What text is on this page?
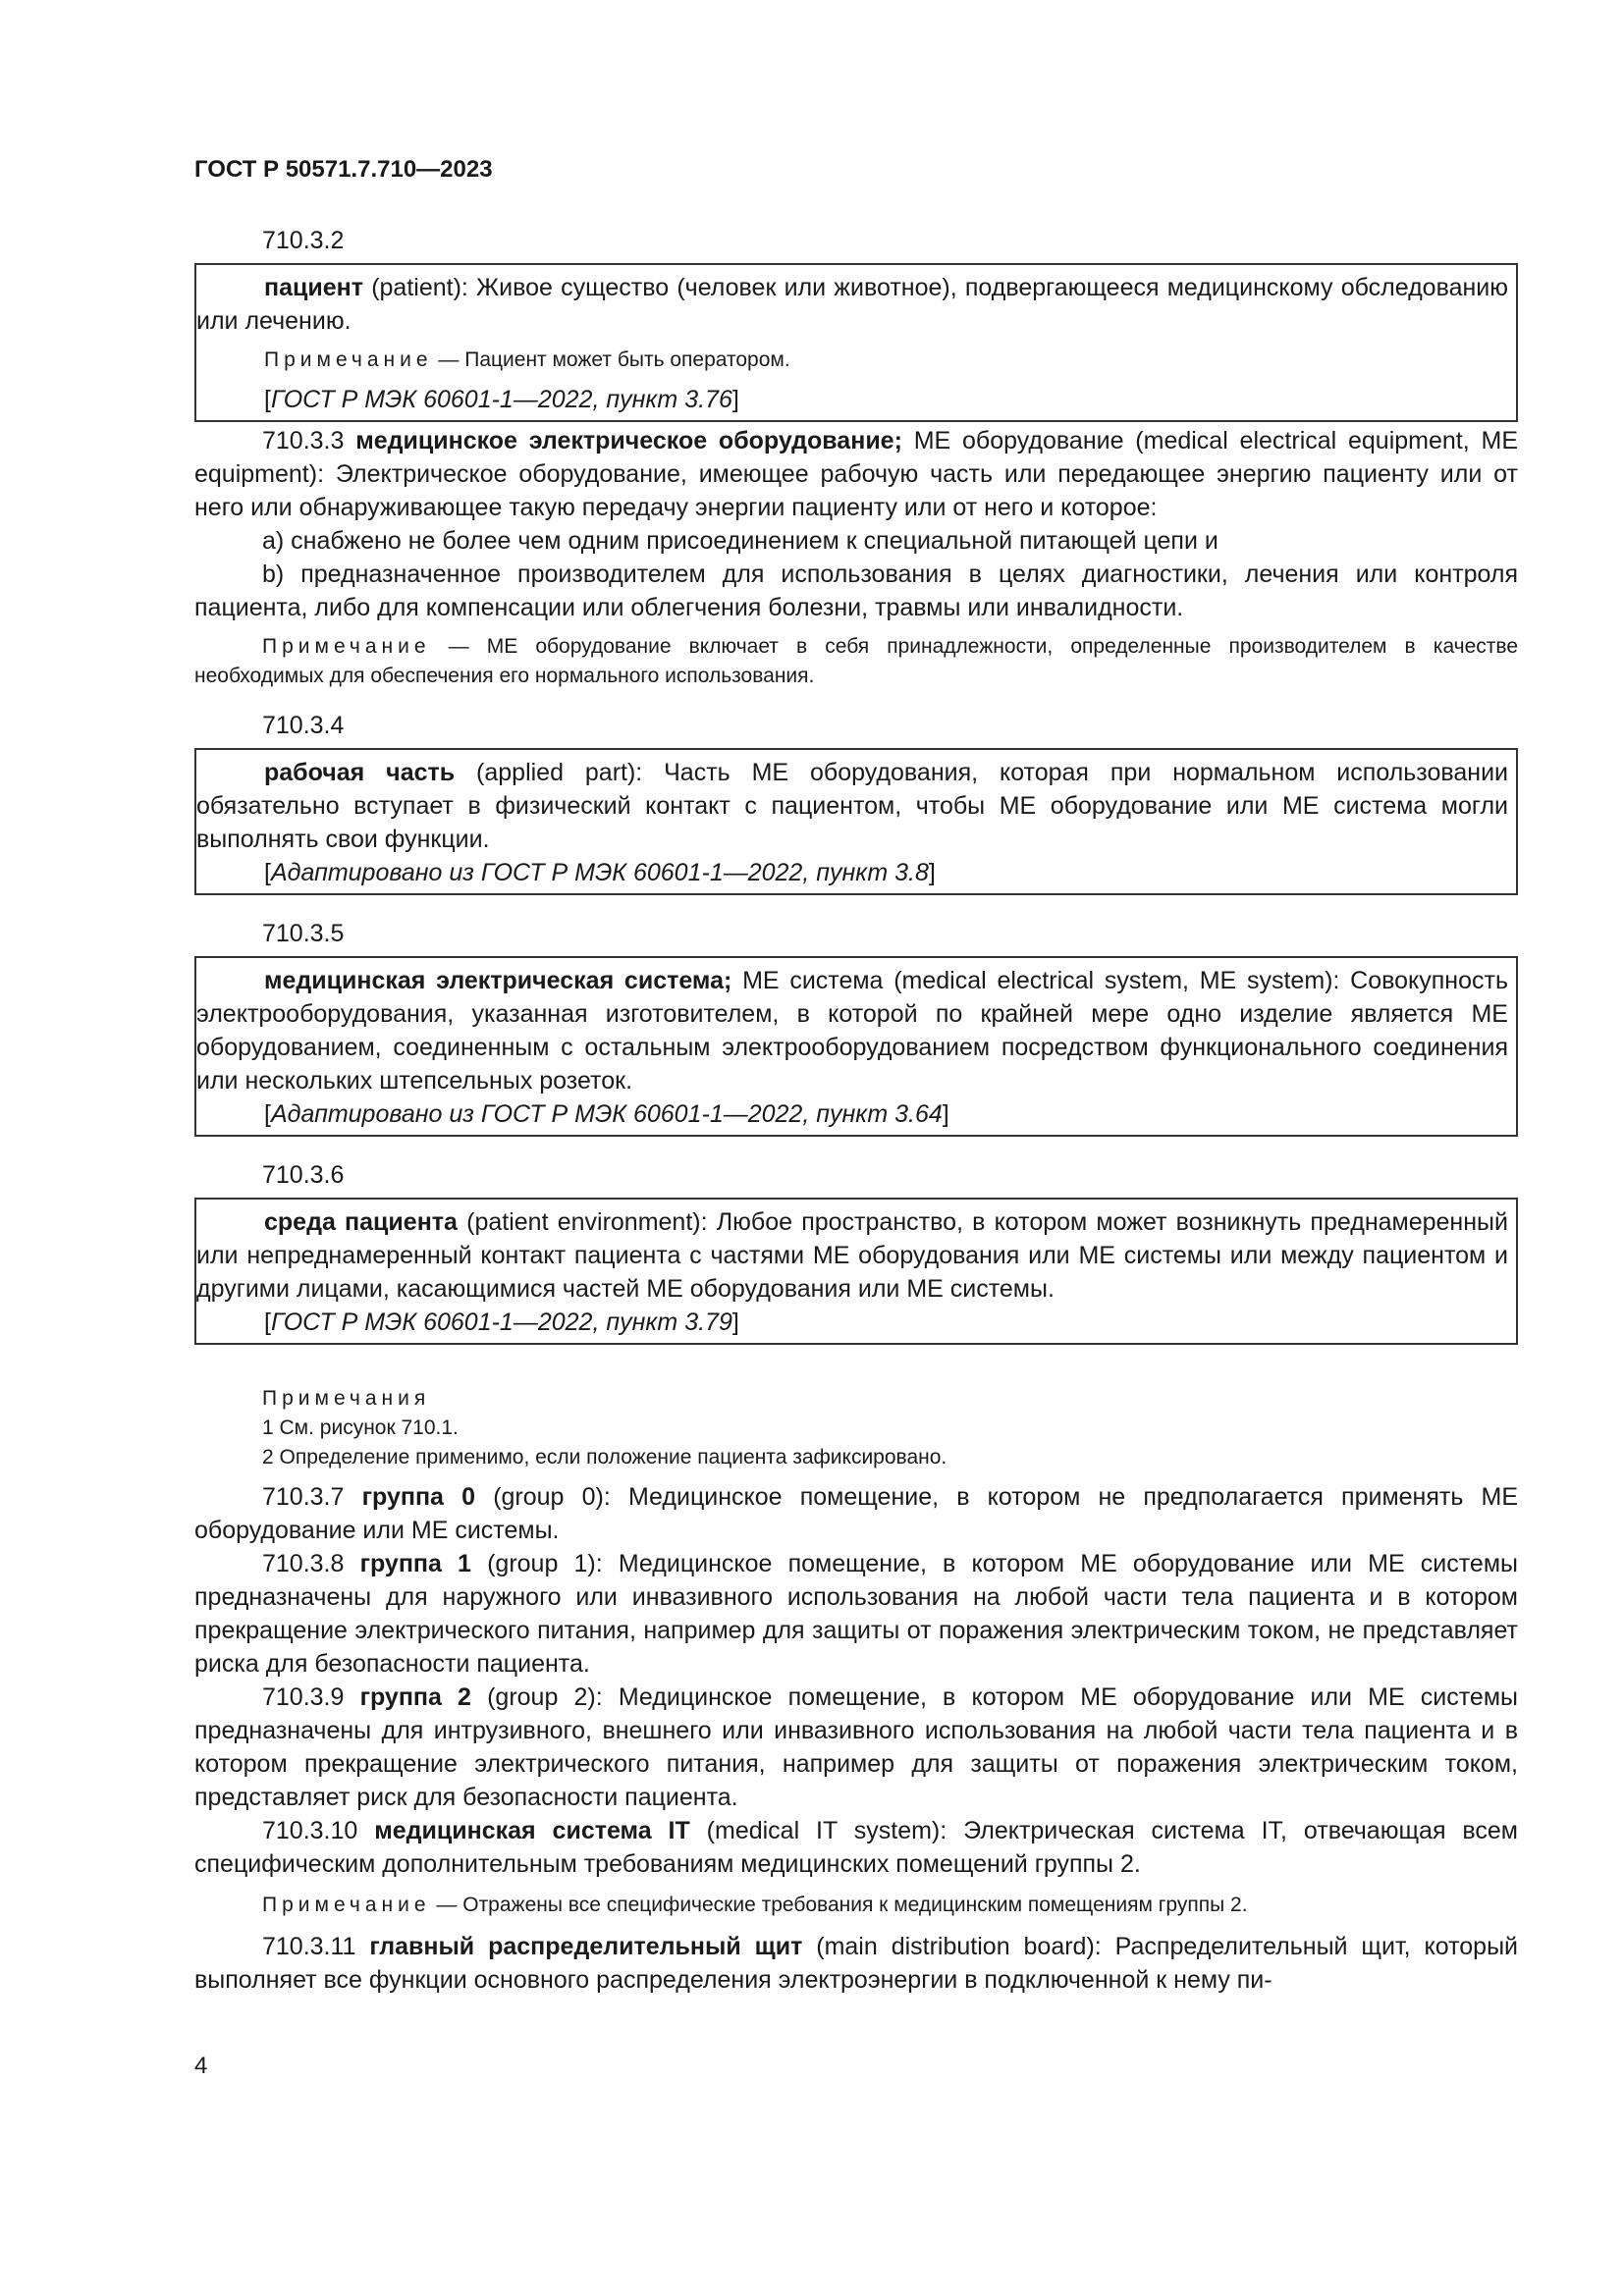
ГОСТ Р 50571.7.710—2023

710.3.2

пациент (patient): Живое существо (человек или животное), подвергающееся медицинскому обследованию или лечению.

Примечание — Пациент может быть оператором.

[ГОСТ Р МЭК 60601-1—2022, пункт 3.76]

710.3.3 медицинское электрическое оборудование; МЕ оборудование (medical electrical equipment, ME equipment): Электрическое оборудование, имеющее рабочую часть или передающее энергию пациенту или от него или обнаруживающее такую передачу энергии пациенту или от него и которое:

а) снабжено не более чем одним присоединением к специальной питающей цепи и

b) предназначенное производителем для использования в целях диагностики, лечения или контроля пациента, либо для компенсации или облегчения болезни, травмы или инвалидности.

Примечание — МЕ оборудование включает в себя принадлежности, определенные производителем в качестве необходимых для обеспечения его нормального использования.

710.3.4

рабочая часть (applied part): Часть МЕ оборудования, которая при нормальном использовании обязательно вступает в физический контакт с пациентом, чтобы МЕ оборудование или МЕ система могли выполнять свои функции.

[Адаптировано из ГОСТ Р МЭК 60601-1—2022, пункт 3.8]

710.3.5

медицинская электрическая система; МЕ система (medical electrical system, ME system): Совокупность электрооборудования, указанная изготовителем, в которой по крайней мере одно изделие является МЕ оборудованием, соединенным с остальным электрооборудованием посредством функционального соединения или нескольких штепсельных розеток.

[Адаптировано из ГОСТ Р МЭК 60601-1—2022, пункт 3.64]

710.3.6

среда пациента (patient environment): Любое пространство, в котором может возникнуть преднамеренный или непреднамеренный контакт пациента с частями МЕ оборудования или МЕ системы или между пациентом и другими лицами, касающимися частей МЕ оборудования или МЕ системы.

[ГОСТ Р МЭК 60601-1—2022, пункт 3.79]

Примечания
1 См. рисунок 710.1.
2 Определение применимо, если положение пациента зафиксировано.

710.3.7 группа 0 (group 0): Медицинское помещение, в котором не предполагается применять МЕ оборудование или МЕ системы.

710.3.8 группа 1 (group 1): Медицинское помещение, в котором МЕ оборудование или МЕ системы предназначены для наружного или инвазивного использования на любой части тела пациента и в котором прекращение электрического питания, например для защиты от поражения электрическим током, не представляет риска для безопасности пациента.

710.3.9 группа 2 (group 2): Медицинское помещение, в котором МЕ оборудование или МЕ системы предназначены для интрузивного, внешнего или инвазивного использования на любой части тела пациента и в котором прекращение электрического питания, например для защиты от поражения электрическим током, представляет риск для безопасности пациента.

710.3.10 медицинская система IT (medical IT system): Электрическая система IT, отвечающая всем специфическим дополнительным требованиям медицинских помещений группы 2.

Примечание — Отражены все специфические требования к медицинским помещениям группы 2.

710.3.11 главный распределительный щит (main distribution board): Распределительный щит, который выполняет все функции основного распределения электроэнергии в подключенной к нему пи-

4
